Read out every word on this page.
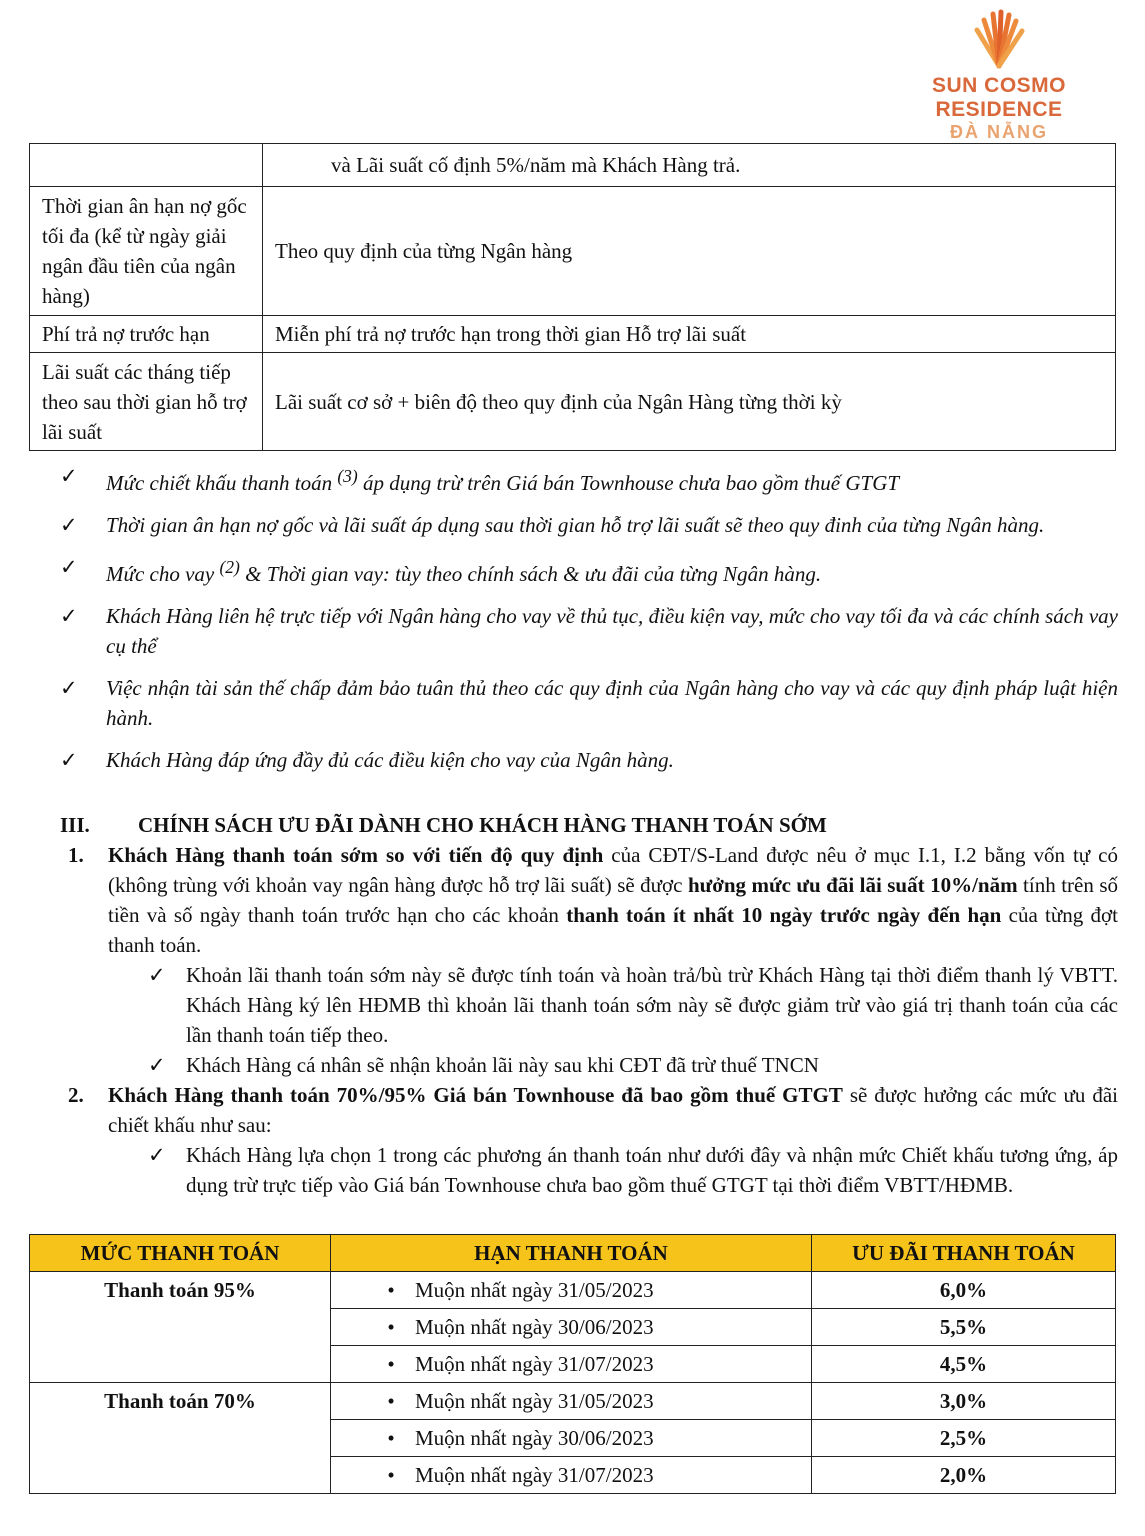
SUN COSMO RESIDENCE
ĐÀ NẴNG
	và Lãi suất cố định 5%/năm mà Khách Hàng trả.
Thời gian ân hạn nợ gốc tối đa (kể từ ngày giải ngân đầu tiên của ngân hàng)	Theo quy định của từng Ngân hàng
Phí trả nợ trước hạn	Miễn phí trả nợ trước hạn trong thời gian Hỗ trợ lãi suất
Lãi suất các tháng tiếp theo sau thời gian hỗ trợ lãi suất	Lãi suất cơ sở + biên độ theo quy định của Ngân Hàng từng thời kỳ
✓ Mức chiết khấu thanh toán $^{(3)}$ áp dụng trừ trên Giá bán Townhouse chưa bao gồm thuế GTGT
✓ Thời gian ân hạn nợ gốc và lãi suất áp dụng sau thời gian hỗ trợ lãi suất sẽ theo quy đinh của từng Ngân hàng.
✓ Mức cho vay $^{(2)}$ & Thời gian vay: tùy theo chính sách & ưu đãi của từng Ngân hàng.
✓ Khách Hàng liên hệ trực tiếp với Ngân hàng cho vay về thủ tục, điều kiện vay, mức cho vay tối đa và các chính sách vay cụ thể
✓ Việc nhận tài sản thế chấp đảm bảo tuân thủ theo các quy định của Ngân hàng cho vay và các quy định pháp luật hiện hành.
✓ Khách Hàng đáp ứng đầy đủ các điều kiện cho vay của Ngân hàng.
III. CHÍNH SÁCH ƯU ĐÃI DÀNH CHO KHÁCH HÀNG THANH TOÁN SỚM
1. Khách Hàng thanh toán sớm so với tiến độ quy định của CĐT/S-Land được nêu ở mục I.1, I.2 bằng vốn tự có (không trùng với khoản vay ngân hàng được hỗ trợ lãi suất) sẽ được hưởng mức ưu đãi lãi suất 10%/năm tính trên số tiền và số ngày thanh toán trước hạn cho các khoản thanh toán ít nhất 10 ngày trước ngày đến hạn của từng đợt thanh toán.
✓ Khoản lãi thanh toán sớm này sẽ được tính toán và hoàn trả/bù trừ Khách Hàng tại thời điểm thanh lý VBTT. Khách Hàng ký lên HĐMB thì khoản lãi thanh toán sớm này sẽ được giảm trừ vào giá trị thanh toán của các lần thanh toán tiếp theo.
✓ Khách Hàng cá nhân sẽ nhận khoản lãi này sau khi CĐT đã trừ thuế TNCN
2. Khách Hàng thanh toán 70%/95% Giá bán Townhouse đã bao gồm thuế GTGT sẽ được hưởng các mức ưu đãi chiết khấu như sau:
✓ Khách Hàng lựa chọn 1 trong các phương án thanh toán như dưới đây và nhận mức Chiết khấu tương ứng, áp dụng trừ trực tiếp vào Giá bán Townhouse chưa bao gồm thuế GTGT tại thời điểm VBTT/HĐMB.
MỨC THANH TOÁN	HẠN THANH TOÁN	ƯU ĐÃI THANH TOÁN
Thanh toán 95%	• Muộn nhất ngày 31/05/2023	6,0%
	• Muộn nhất ngày 30/06/2023	5,5%
	• Muộn nhất ngày 31/07/2023	4,5%
Thanh toán 70%	• Muộn nhất ngày 31/05/2023	3,0%
	• Muộn nhất ngày 30/06/2023	2,5%
	• Muộn nhất ngày 31/07/2023	2,0%
